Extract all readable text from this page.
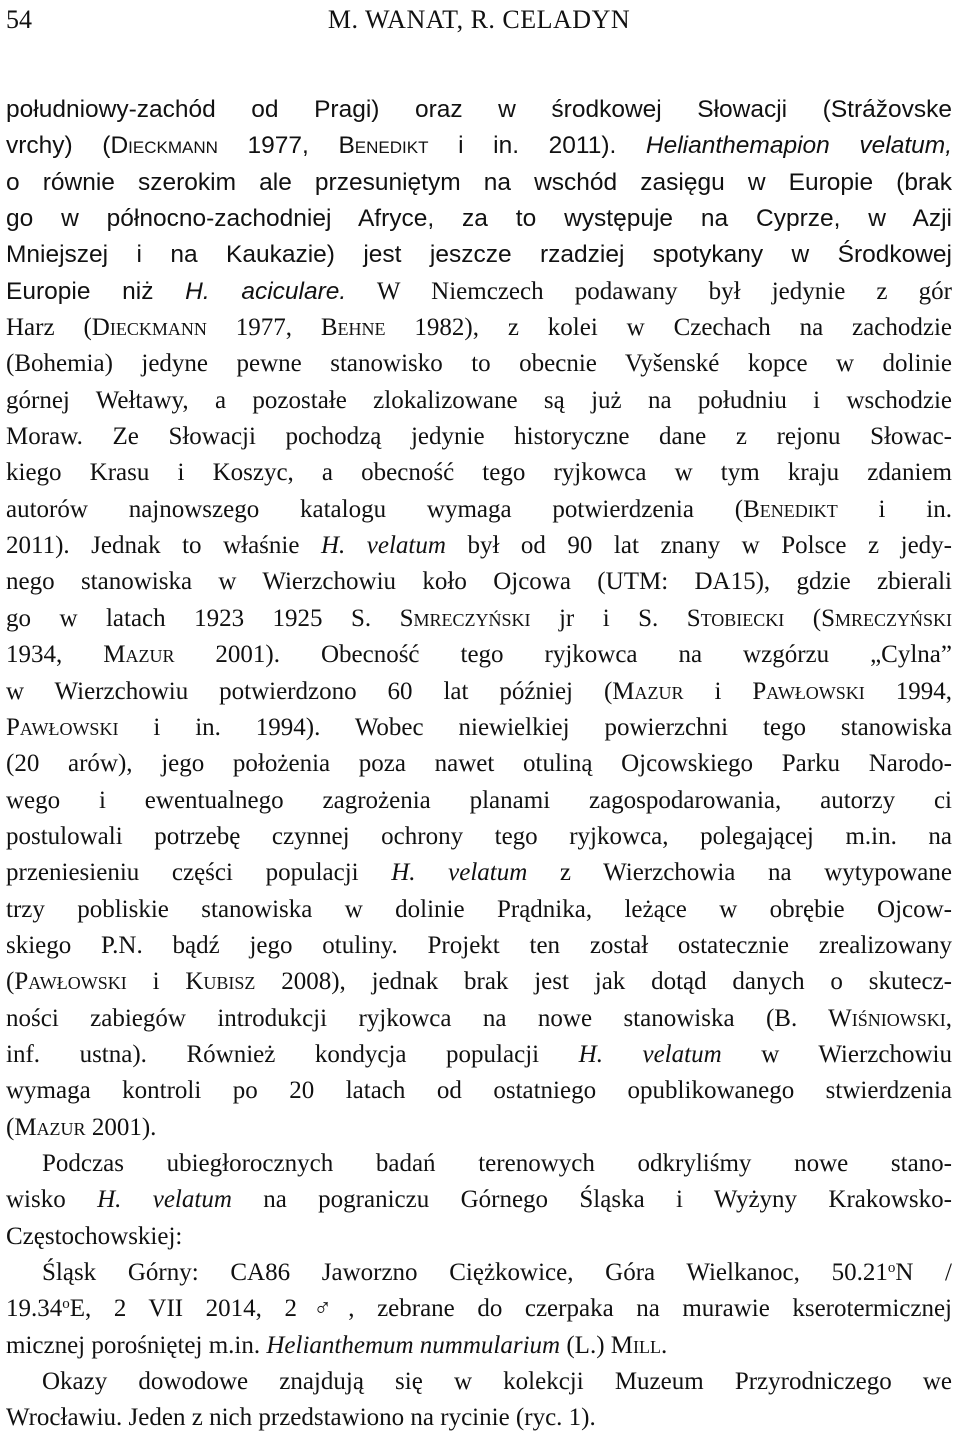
54	M. WANAT, R. CELADYN
południowy-zachód od Pragi) oraz w środkowej Słowacji (Strážovske
vrchy) (Dieckmann 1977, Benedikt i in. 2011). Helianthemapion velatum,
o równie szerokim ale przesuniętym na wschód zasięgu w Europie (brak
go w północno-zachodniej Afryce, za to występuje na Cyprze, w Azji
Mniejszej i na Kaukazie) jest jeszcze rzadziej spotykany w Środkowej
Europie niż H. aciculare. W Niemczech podawany był jedynie z gór
Harz (Dieckmann 1977, Behne 1982), z kolei w Czechach na zachodzie
(Bohemia) jedyne pewne stanowisko to obecnie Vyšenské kopce w dolinie
górnej Wełtawy, a pozostałe zlokalizowane są już na południu i wschodzie
Moraw. Ze Słowacji pochodzą jedynie historyczne dane z rejonu Słowac-
kiego Krasu i Koszyc, a obecność tego ryjkowca w tym kraju zdaniem
autorów najnowszego katalogu wymaga potwierdzenia (Benedikt i in.
2011). Jednak to właśnie H. velatum był od 90 lat znany w Polsce z jedy-
nego stanowiska w Wierzchowiu koło Ojcowa (UTM: DA15), gdzie zbierali
go w latach 1923 1925 S. Smreczyński jr i S. Stobiecki (Smreczyński
1934, Mazur 2001). Obecność tego ryjkowca na wzgórzu „Cylna”
w Wierzchowiu potwierdzono 60 lat później (Mazur i Pawłowski 1994,
Pawłowski i in. 1994). Wobec niewielkiej powierzchni tego stanowiska
(20 arów), jego położenia poza nawet otuliną Ojcowskiego Parku Narodo-
wego i ewentualnego zagrożenia planami zagospodarowania, autorzy ci
postulowali potrzebę czynnej ochrony tego ryjkowca, polegającej m.in. na
przeniesieniu części populacji H. velatum z Wierzchowia na wytypowane
trzy pobliskie stanowiska w dolinie Prądnika, leżące w obrębie Ojcow-
skiego P.N. bądź jego otuliny. Projekt ten został ostatecznie zrealizowany
(Pawłowski i Kubisz 2008), jednak brak jest jak dotąd danych o skutecz-
ności zabiegów introdukcji ryjkowca na nowe stanowiska (B. Wiśniowski,
inf. ustna). Również kondycja populacji H. velatum w Wierzchowiu
wymaga kontroli po 20 latach od ostatniego opublikowanego stwierdzenia
(Mazur 2001).
Podczas ubiegłorocznych badań terenowych odkryliśmy nowe stano-
wisko H. velatum na pograniczu Górnego Śląska i Wyżyny Krakowsko-
Częstochowskiej:
Śląsk Górny: CA86 Jaworzno Ciężkowice, Góra Wielkanoc, 50.21$^o$N /
19.34$^o$E, 2 VII 2014, 2♂, zebrane do czerpaka na murawie kserotermicznej
micznej porośniętej m.in. Helianthemum nummularium (L.) Mill.
Okazy dowodowe znajdują się w kolekcji Muzeum Przyrodniczego we
Wrocławiu. Jeden z nich przedstawiono na rycinie (ryc. 1).
